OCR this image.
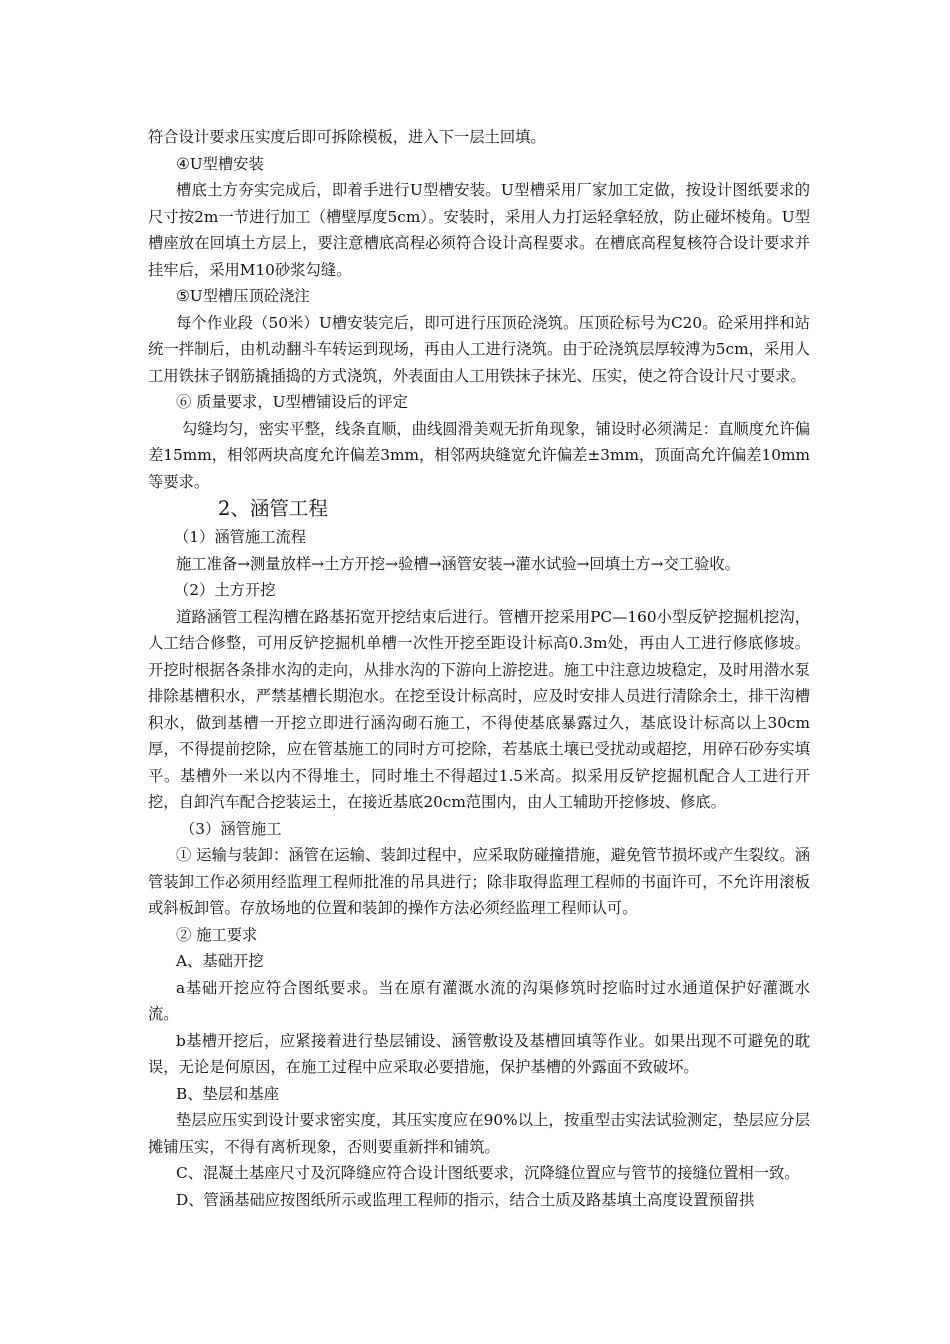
符合设计要求压实度后即可拆除模板，进入下一层土回填。

④U型槽安装

槽底土方夯实完成后，即着手进行U型槽安装。U型槽采用厂家加工定做，按设计图纸要求的尺寸按2m一节进行加工（槽壁厚度5cm）。安装时，采用人力打运轻拿轻放，防止碰坏棱角。U型槽座放在回填土方层上，要注意槽底高程必须符合设计高程要求。在槽底高程复核符合设计要求并挂牢后，采用M10砂浆勾缝。

⑤U型槽压顶砼浇注

每个作业段（50米）U槽安装完后，即可进行压顶砼浇筑。压顶砼标号为C20。砼采用拌和站统一拌制后，由机动翻斗车转运到现场，再由人工进行浇筑。由于砼浇筑层厚较溥为5cm，采用人工用铁抹子钢筋撬插捣的方式浇筑，外表面由人工用铁抹子抹光、压实，使之符合设计尺寸要求。

⑥ 质量要求，U型槽铺设后的评定

勾缝均匀，密实平整，线条直顺，曲线圆滑美观无折角现象，铺设时必须满足：直顺度允许偏差15mm，相邻两块高度允许偏差3mm，相邻两块缝宽允许偏差±3mm，顶面高允许偏差10mm等要求。

2、涵管工程

（1）涵管施工流程

施工准备→测量放样→土方开挖→验槽→涵管安装→灌水试验→回填土方→交工验收。

（2）土方开挖

道路涵管工程沟槽在路基拓宽开挖结束后进行。管槽开挖采用PC—160小型反铲挖掘机挖沟，人工结合修整，可用反铲挖掘机单槽一次性开挖至距设计标高0.3m处，再由人工进行修底修坡。开挖时根据各条排水沟的走向，从排水沟的下游向上游挖进。施工中注意边坡稳定，及时用潜水泵排除基槽积水，严禁基槽长期泡水。在挖至设计标高时，应及时安排人员进行清除余土，排干沟槽积水，做到基槽一开挖立即进行涵沟砌石施工，不得使基底暴露过久，基底设计标高以上30cm厚，不得提前挖除，应在管基施工的同时方可挖除，若基底土壤已受扰动或超挖，用碎石砂夯实填平。基槽外一米以内不得堆土，同时堆土不得超过1.5米高。拟采用反铲挖掘机配合人工进行开挖，自卸汽车配合挖装运土，在接近基底20cm范围内，由人工辅助开挖修坡、修底。

（3）涵管施工

① 运输与装卸：涵管在运输、装卸过程中，应采取防碰撞措施，避免管节损坏或产生裂纹。涵管装卸工作必须用经监理工程师批准的吊具进行；除非取得监理工程师的书面许可，不允许用滚板或斜板卸管。存放场地的位置和装卸的操作方法必须经监理工程师认可。

② 施工要求

A、基础开挖

a基础开挖应符合图纸要求。当在原有灌溉水流的沟渠修筑时挖临时过水通道保护好灌溉水流。

b基槽开挖后，应紧接着进行垫层铺设、涵管敷设及基槽回填等作业。如果出现不可避免的耽误，无论是何原因，在施工过程中应采取必要措施，保护基槽的外露面不致破坏。

B、垫层和基座

垫层应压实到设计要求密实度，其压实度应在90%以上，按重型击实法试验测定，垫层应分层摊铺压实，不得有离析现象，否则要重新拌和铺筑。

C、混凝土基座尺寸及沉降缝应符合设计图纸要求，沉降缝位置应与管节的接缝位置相一致。

D、管涵基础应按图纸所示或监理工程师的指示，结合土质及路基填土高度设置预留拱
